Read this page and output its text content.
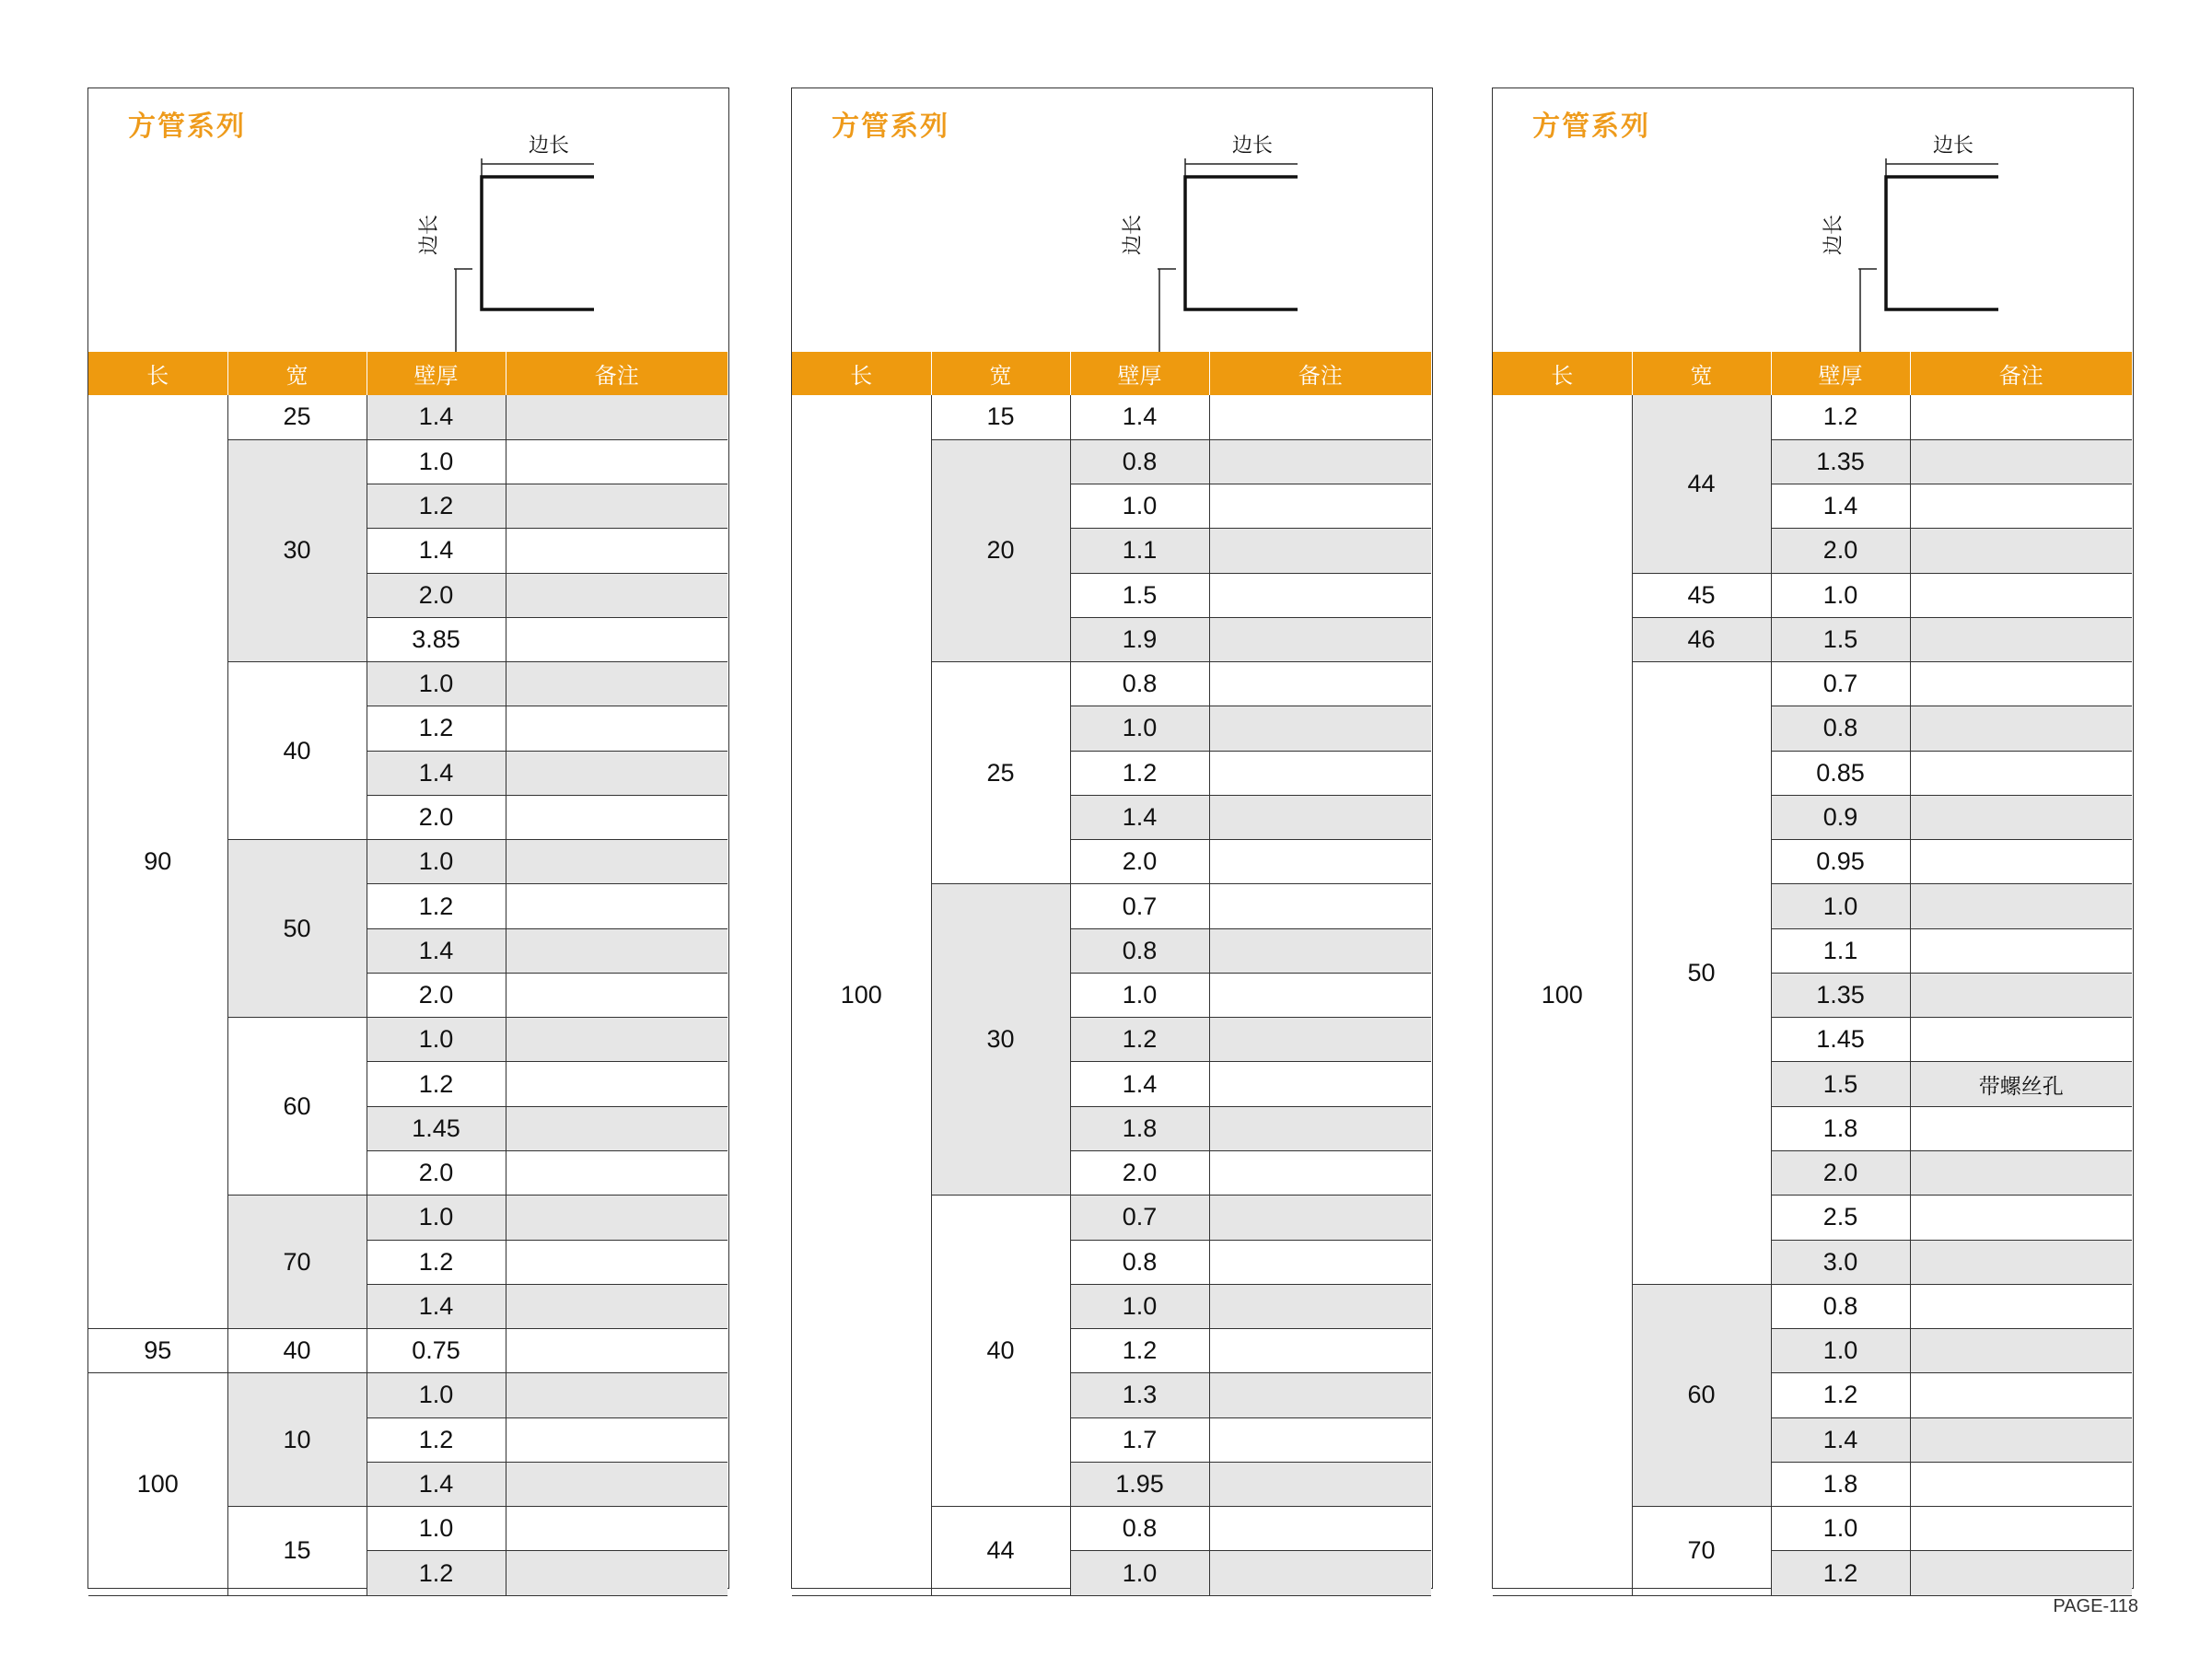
方管系列
边长
边长
长	宽	壁厚	备注
90	25	1.4	
	30	1.0	
		1.2	
		1.4	
		2.0	
		3.85	
	40	1.0	
		1.2	
		1.4	
		2.0	
	50	1.0	
		1.2	
		1.4	
		2.0	
	60	1.0	
		1.2	
		1.45	
		2.0	
	70	1.0	
		1.2	
		1.4	
95	40	0.75	
100	10	1.0	
		1.2	
		1.4	
	15	1.0	
		1.2	
方管系列
边长
边长
长	宽	壁厚	备注
100	15	1.4	
	20	0.8	
		1.0	
		1.1	
		1.5	
		1.9	
	25	0.8	
		1.0	
		1.2	
		1.4	
		2.0	
	30	0.7	
		0.8	
		1.0	
		1.2	
		1.4	
		1.8	
		2.0	
	40	0.7	
		0.8	
		1.0	
		1.2	
		1.3	
		1.7	
		1.95	
	44	0.8	
		1.0	
方管系列
边长
边长
长	宽	壁厚	备注
100	44	1.2	
		1.35	
		1.4	
		2.0	
	45	1.0	
	46	1.5	
	50	0.7	
		0.8	
		0.85	
		0.9	
		0.95	
		1.0	
		1.1	
		1.35	
		1.45	
		1.5	带螺丝孔
		1.8	
		2.0	
		2.5	
		3.0	
	60	0.8	
		1.0	
		1.2	
		1.4	
		1.8	
	70	1.0	
		1.2	
PAGE-118
